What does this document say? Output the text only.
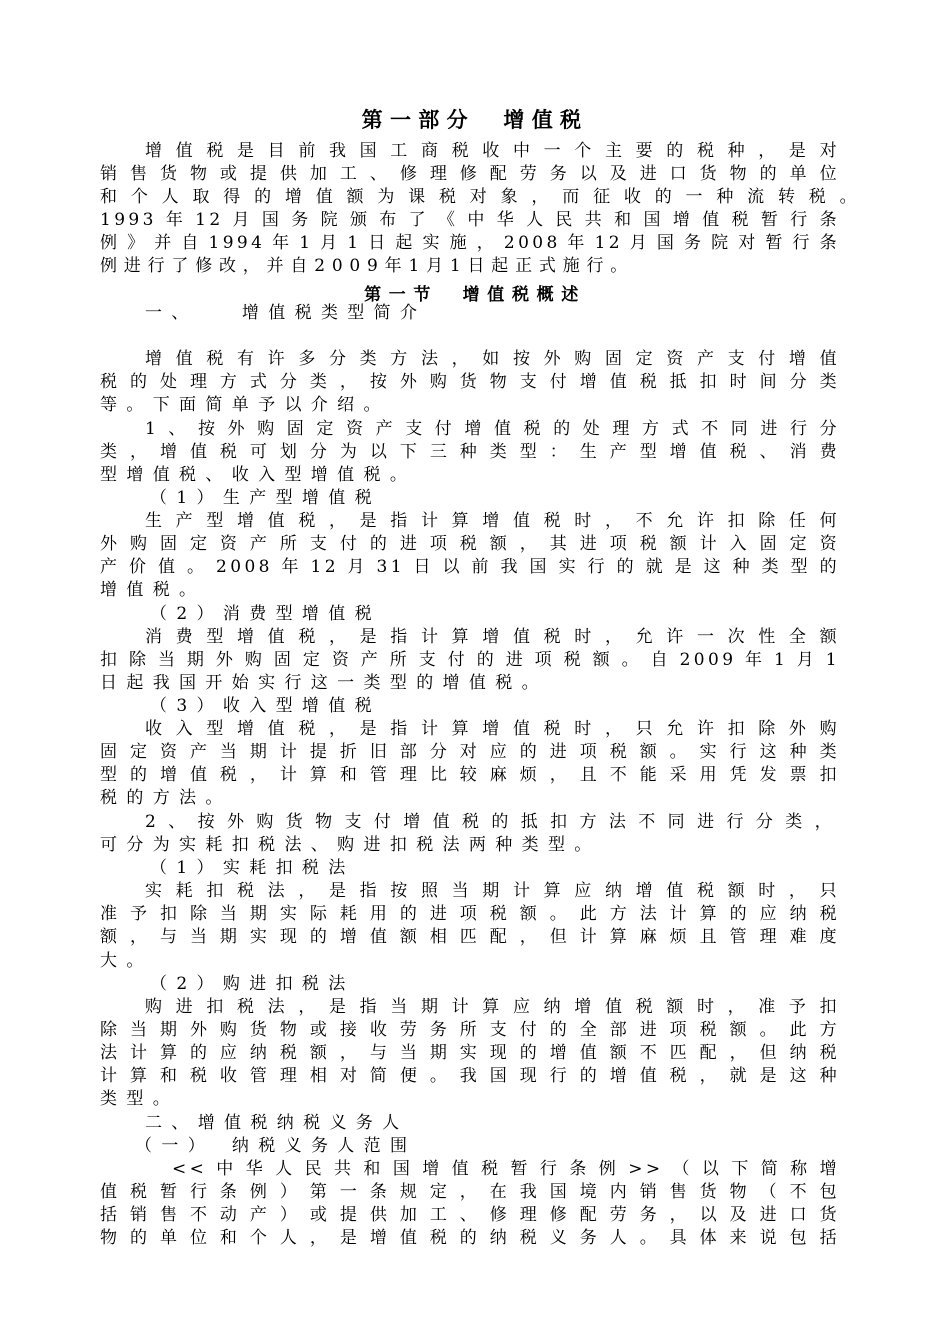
第一部分　增值税
增值税是目前我国工商税收中一个主要的税种，是对
销售货物或提供加工、修理修配劳务以及进口货物的单位
和个人取得的增值额为课税对象，而征收的一种流转税。
1993年12月国务院颁布了《中华人民共和国增值税暂行条
例》并自1994年1月1日起实施，2008年12月国务院对暂行条
例进行了修改，并自2009年1月1日起正式施行。
第一节　增值税概述
一、　　增值税类型简介
增值税有许多分类方法，如按外购固定资产支付增值
税的处理方式分类，按外购货物支付增值税抵扣时间分类
等。下面简单予以介绍。
1、按外购固定资产支付增值税的处理方式不同进行分
类，增值税可划分为以下三种类型：生产型增值税、消费
型增值税、收入型增值税。
（1）生产型增值税
生产型增值税，是指计算增值税时，不允许扣除任何
外购固定资产所支付的进项税额，其进项税额计入固定资
产价值。2008年12月31日以前我国实行的就是这种类型的
增值税。
（2）消费型增值税
消费型增值税，是指计算增值税时，允许一次性全额
扣除当期外购固定资产所支付的进项税额。自2009年1月1
日起我国开始实行这一类型的增值税。
（3）收入型增值税
收入型增值税，是指计算增值税时，只允许扣除外购
固定资产当期计提折旧部分对应的进项税额。实行这种类
型的增值税，计算和管理比较麻烦，且不能采用凭发票扣
税的方法。
2、按外购货物支付增值税的抵扣方法不同进行分类，
可分为实耗扣税法、购进扣税法两种类型。
（1）实耗扣税法
实耗扣税法，是指按照当期计算应纳增值税额时，只
准予扣除当期实际耗用的进项税额。此方法计算的应纳税
额，与当期实现的增值额相匹配，但计算麻烦且管理难度
大。
（2）购进扣税法
购进扣税法，是指当期计算应纳增值税额时，准予扣
除当期外购货物或接收劳务所支付的全部进项税额。此方
法计算的应纳税额，与当期实现的增值额不匹配，但纳税
计算和税收管理相对简便。我国现行的增值税，就是这种
类型。
二、增值税纳税义务人
（一）　纳税义务人范围
<<中华人民共和国增值税暂行条例>>（以下简称增
值税暂行条例）第一条规定，在我国境内销售货物（不包
括销售不动产）或提供加工、修理修配劳务，以及进口货
物的单位和个人，是增值税的纳税义务人。具体来说包括
